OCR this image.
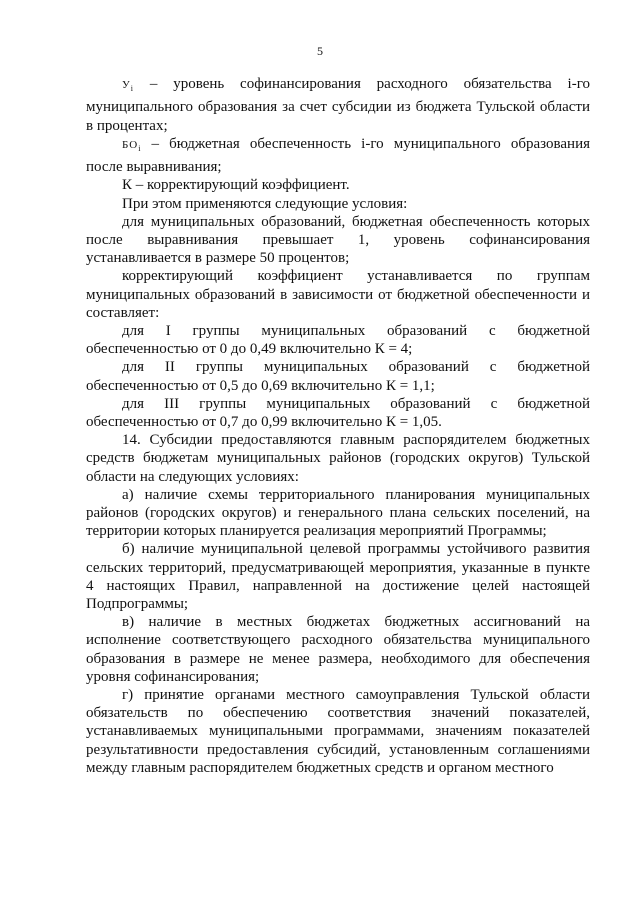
5

$У_i$ – уровень софинансирования расходного обязательства i-го муниципального образования за счет субсидии из бюджета Тульской области в процентах;

$БО_i$ – бюджетная обеспеченность i-го муниципального образования после выравнивания;

К – корректирующий коэффициент.

При этом применяются следующие условия:

для муниципальных образований, бюджетная обеспеченность которых после выравнивания превышает 1, уровень софинансирования устанавливается в размере 50 процентов;

корректирующий коэффициент устанавливается по группам муниципальных образований в зависимости от бюджетной обеспеченности и составляет:

для I группы муниципальных образований с бюджетной обеспеченностью от 0 до 0,49 включительно К = 4;

для II группы муниципальных образований с бюджетной обеспеченностью от 0,5 до 0,69 включительно К = 1,1;

для III группы муниципальных образований с бюджетной обеспеченностью от 0,7 до 0,99 включительно К = 1,05.

14. Субсидии предоставляются главным распорядителем бюджетных средств бюджетам муниципальных районов (городских округов) Тульской области на следующих условиях:

а) наличие схемы территориального планирования муниципальных районов (городских округов) и генерального плана сельских поселений, на территории которых планируется реализация мероприятий Программы;

б) наличие муниципальной целевой программы устойчивого развития сельских территорий, предусматривающей мероприятия, указанные в пункте 4 настоящих Правил, направленной на достижение целей настоящей Подпрограммы;

в) наличие в местных бюджетах бюджетных ассигнований на исполнение соответствующего расходного обязательства муниципального образования в размере не менее размера, необходимого для обеспечения уровня софинансирования;

г) принятие органами местного самоуправления Тульской области обязательств по обеспечению соответствия значений показателей, устанавливаемых муниципальными программами, значениям показателей результативности предоставления субсидий, установленным соглашениями между главным распорядителем бюджетных средств и органом местного
